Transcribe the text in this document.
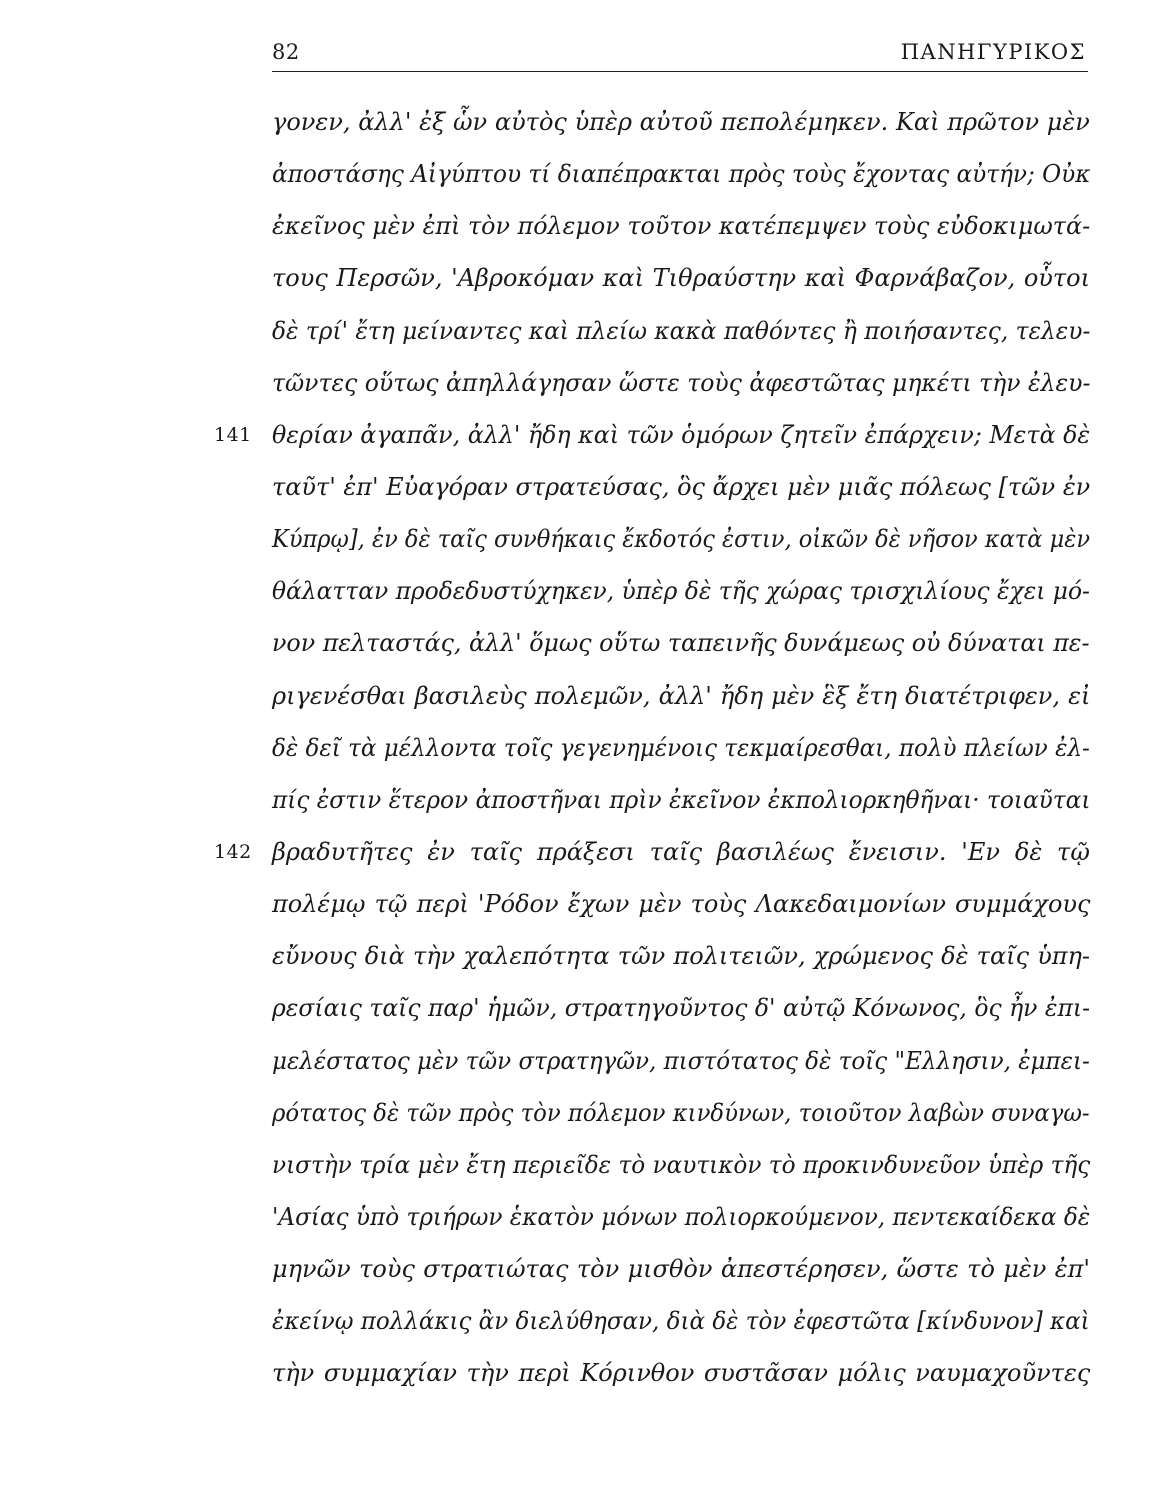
82	ΠΑΝΗΓΥΡΙΚΟΣ
γονεν, ἀλλ' ἐξ ὧν αὐτὸς ὑπὲρ αὐτοῦ πεπολέμηκεν. Καὶ πρῶτον μὲν
ἀποστάσης Αἰγύπτου τί διαπέπρακται πρὸς τοὺς ἔχοντας αὐτήν; Οὐκ
ἐκεῖνος μὲν ἐπὶ τὸν πόλεμον τοῦτον κατέπεμψεν τοὺς εὐδοκιμωτά-
τους Περσῶν, 'Αβροκόμαν καὶ Τιθραύστην καὶ Φαρνάβαζον, οὗτοι
δὲ τρί' ἔτη μείναντες καὶ πλείω κακὰ παθόντες ἢ ποιήσαντες, τελευ-
τῶντες οὕτως ἀπηλλάγησαν ὥστε τοὺς ἀφεστῶτας μηκέτι τὴν ἐλευ-
141 θερίαν ἀγαπᾶν, ἀλλ' ἤδη καὶ τῶν ὁμόρων ζητεῖν ἐπάρχειν; Μετὰ δὲ
ταῦτ' ἐπ' Εὐαγόραν στρατεύσας, ὃς ἄρχει μὲν μιᾶς πόλεως [τῶν ἐν
Κύπρῳ], ἐν δὲ ταῖς συνθήκαις ἔκδοτός ἐστιν, οἰκῶν δὲ νῆσον κατὰ μὲν
θάλατταν προδεδυστύχηκεν, ὑπὲρ δὲ τῆς χώρας τρισχιλίους ἔχει μό-
νον πελταστάς, ἀλλ' ὅμως οὕτω ταπεινῆς δυνάμεως οὐ δύναται πε-
ριγενέσθαι βασιλεὺς πολεμῶν, ἀλλ' ἤδη μὲν ἓξ ἔτη διατέτριφεν, εἰ
δὲ δεῖ τὰ μέλλοντα τοῖς γεγενημένοις τεκμαίρεσθαι, πολὺ πλείων ἐλ-
πίς ἐστιν ἕτερον ἀποστῆναι πρὶν ἐκεῖνον ἐκπολιορκηθῆναι· τοιαῦται
142 βραδυτῆτες ἐν ταῖς πράξεσι ταῖς βασιλέως ἔνεισιν. 'Εν δὲ τῷ
πολέμῳ τῷ περὶ 'Ρόδον ἔχων μὲν τοὺς Λακεδαιμονίων συμμάχους
εὔνους διὰ τὴν χαλεπότητα τῶν πολιτειῶν, χρώμενος δὲ ταῖς ὑπη-
ρεσίαις ταῖς παρ' ἡμῶν, στρατηγοῦντος δ' αὐτῷ Κόνωνος, ὃς ἦν ἐπι-
μελέστατος μὲν τῶν στρατηγῶν, πιστότατος δὲ τοῖς "Ελλησιν, ἐμπει-
ρότατος δὲ τῶν πρὸς τὸν πόλεμον κινδύνων, τοιοῦτον λαβὼν συναγω-
νιστὴν τρία μὲν ἔτη περιεῖδε τὸ ναυτικὸν τὸ προκινδυνεῦον ὑπὲρ τῆς
'Ασίας ὑπὸ τριήρων ἑκατὸν μόνων πολιορκούμενον, πεντεκαίδεκα δὲ
μηνῶν τοὺς στρατιώτας τὸν μισθὸν ἀπεστέρησεν, ὥστε τὸ μὲν ἐπ'
ἐκείνῳ πολλάκις ἂν διελύθησαν, διὰ δὲ τὸν ἐφεστῶτα [κίνδυνον] καὶ
τὴν συμμαχίαν τὴν περὶ Κόρινθον συστᾶσαν μόλις ναυμαχοῦντες
